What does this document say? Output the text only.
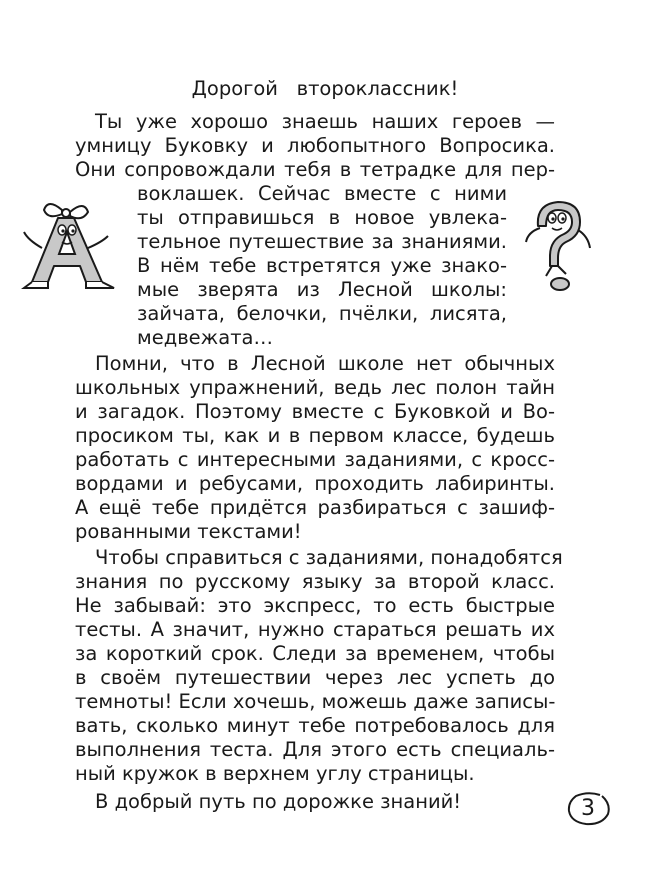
Дорогой   второклассник!
Ты уже хорошо знаешь наших героев —
умницу Буковку и любопытного Вопросика.
Они сопровождали тебя в тетрадке для пер-
воклашек. Сейчас вместе с ними
ты отправишься в новое увлека-
тельное путешествие за знаниями.
В нём тебе встретятся уже знако-
мые зверята из Лесной школы:
зайчата, белочки, пчёлки, лисята,
медвежата…
Помни, что в Лесной школе нет обычных
школьных упражнений, ведь лес полон тайн
и загадок. Поэтому вместе с Буковкой и Во-
просиком ты, как и в первом классе, будешь
работать с интересными заданиями, с кросс-
вордами и ребусами, проходить лабиринты.
А ещё тебе придётся разбираться с зашиф-
рованными текстами!
Чтобы справиться с заданиями, понадобятся
знания по русскому языку за второй класс.
Не забывай: это экспресс, то есть быстрые
тесты. А значит, нужно стараться решать их
за короткий срок. Следи за временем, чтобы
в своём путешествии через лес успеть до
темноты! Если хочешь, можешь даже записы-
вать, сколько минут тебе потребовалось для
выполнения теста. Для этого есть специаль-
ный кружок в верхнем углу страницы.
В добрый путь по дорожке знаний!	3
